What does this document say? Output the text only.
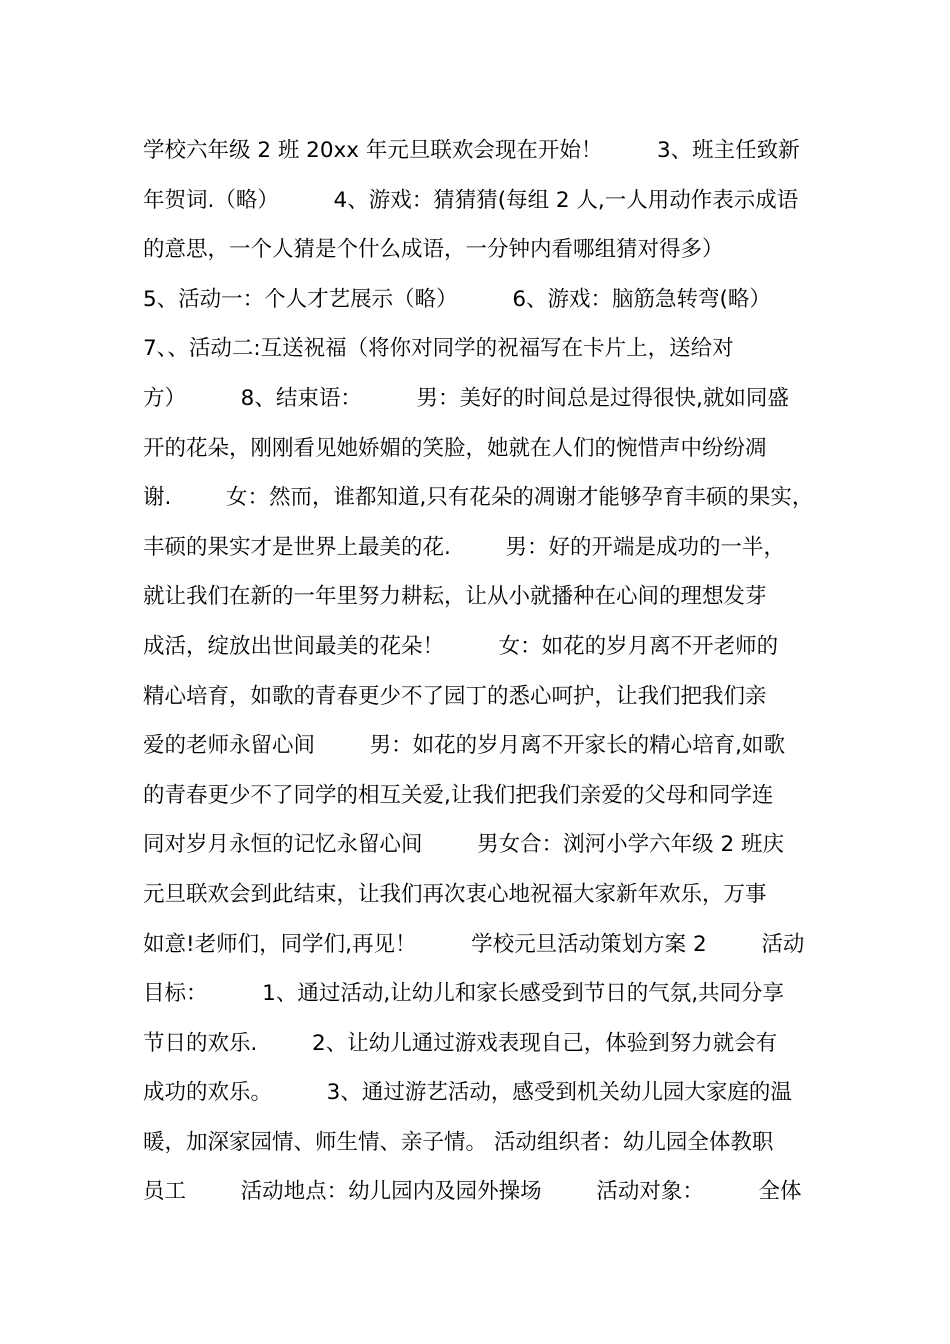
学校六年级 2 班 20xx 年元旦联欢会现在开始！        3、班主任致新
年贺词.（略）        4、游戏：猜猜猜(每组 2 人,一人用动作表示成语
的意思，一个人猜是个什么成语，一分钟内看哪组猜对得多）
5、活动一：个人才艺展示（略）        6、游戏：脑筋急转弯(略）
7、、活动二:互送祝福（将你对同学的祝福写在卡片上，送给对
方）        8、结束语：        男：美好的时间总是过得很快,就如同盛
开的花朵，刚刚看见她娇媚的笑脸，她就在人们的惋惜声中纷纷凋
谢.        女：然而，谁都知道,只有花朵的凋谢才能够孕育丰硕的果实，
丰硕的果实才是世界上最美的花.        男：好的开端是成功的一半，
就让我们在新的一年里努力耕耘，让从小就播种在心间的理想发芽
成活，绽放出世间最美的花朵！        女：如花的岁月离不开老师的
精心培育，如歌的青春更少不了园丁的悉心呵护，让我们把我们亲
爱的老师永留心间        男：如花的岁月离不开家长的精心培育,如歌
的青春更少不了同学的相互关爱,让我们把我们亲爱的父母和同学连
同对岁月永恒的记忆永留心间        男女合：浏河小学六年级 2 班庆
元旦联欢会到此结束，让我们再次衷心地祝福大家新年欢乐，万事
如意!老师们，同学们,再见！        学校元旦活动策划方案 2        活动
目标：        1、通过活动,让幼儿和家长感受到节日的气氛,共同分享
节日的欢乐.        2、让幼儿通过游戏表现自己，体验到努力就会有
成功的欢乐。        3、通过游艺活动，感受到机关幼儿园大家庭的温
暖，加深家园情、师生情、亲子情。 活动组织者：幼儿园全体教职
员工        活动地点：幼儿园内及园外操场        活动对象：        全体
